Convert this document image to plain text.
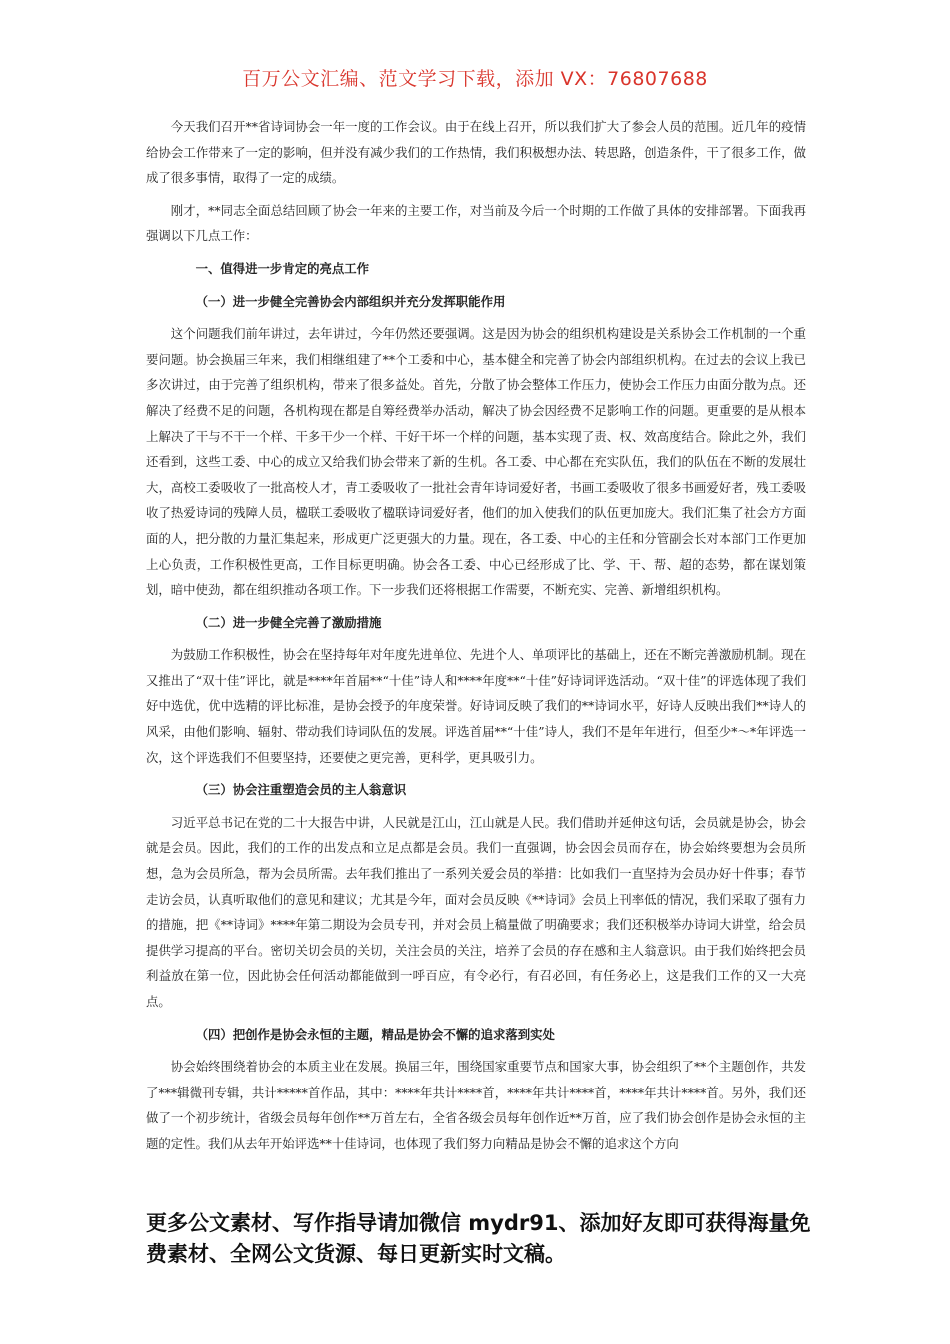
百万公文汇编、范文学习下载，添加 VX：76807688

今天我们召开**省诗词协会一年一度的工作会议。由于在线上召开，所以我们扩大了参会人员的范围。近几年的疫情给协会工作带来了一定的影响，但并没有减少我们的工作热情，我们积极想办法、转思路，创造条件，干了很多工作，做成了很多事情，取得了一定的成绩。

刚才，**同志全面总结回顾了协会一年来的主要工作，对当前及今后一个时期的工作做了具体的安排部署。下面我再强调以下几点工作：

一、值得进一步肯定的亮点工作
（一）进一步健全完善协会内部组织并充分发挥职能作用

这个问题我们前年讲过，去年讲过，今年仍然还要强调。这是因为协会的组织机构建设是关系协会工作机制的一个重要问题。协会换届三年来，我们相继组建了**个工委和中心，基本健全和完善了协会内部组织机构。在过去的会议上我已多次讲过，由于完善了组织机构，带来了很多益处。首先，分散了协会整体工作压力，使协会工作压力由面分散为点。还解决了经费不足的问题，各机构现在都是自筹经费举办活动，解决了协会因经费不足影响工作的问题。更重要的是从根本上解决了干与不干一个样、干多干少一个样、干好干坏一个样的问题，基本实现了责、权、效高度结合。除此之外，我们还看到，这些工委、中心的成立又给我们协会带来了新的生机。各工委、中心都在充实队伍，我们的队伍在不断的发展壮大，高校工委吸收了一批高校人才，青工委吸收了一批社会青年诗词爱好者，书画工委吸收了很多书画爱好者，残工委吸收了热爱诗词的残障人员，楹联工委吸收了楹联诗词爱好者，他们的加入使我们的队伍更加庞大。我们汇集了社会方方面面的人，把分散的力量汇集起来，形成更广泛更强大的力量。现在，各工委、中心的主任和分管副会长对本部门工作更加上心负责，工作积极性更高，工作目标更明确。协会各工委、中心已经形成了比、学、干、帮、超的态势，都在谋划策划，暗中使劲，都在组织推动各项工作。下一步我们还将根据工作需要，不断充实、完善、新增组织机构。

（二）进一步健全完善了激励措施

为鼓励工作积极性，协会在坚持每年对年度先进单位、先进个人、单项评比的基础上，还在不断完善激励机制。现在又推出了“双十佳”评比，就是****年首届**“十佳”诗人和****年度**“十佳”好诗词评选活动。“双十佳”的评选体现了我们好中选优，优中选精的评比标准，是协会授予的年度荣誉。好诗词反映了我们的**诗词水平，好诗人反映出我们**诗人的风采，由他们影响、辐射、带动我们诗词队伍的发展。评选首届**“十佳”诗人，我们不是年年进行，但至少*～*年评选一次，这个评选我们不但要坚持，还要使之更完善，更科学，更具吸引力。

（三）协会注重塑造会员的主人翁意识

习近平总书记在党的二十大报告中讲，人民就是江山，江山就是人民。我们借助并延伸这句话，会员就是协会，协会就是会员。因此，我们的工作的出发点和立足点都是会员。我们一直强调，协会因会员而存在，协会始终要想为会员所想，急为会员所急，帮为会员所需。去年我们推出了一系列关爱会员的举措：比如我们一直坚持为会员办好十件事；春节走访会员，认真听取他们的意见和建议；尤其是今年，面对会员反映《**诗词》会员上刊率低的情况，我们采取了强有力的措施，把《**诗词》****年第二期设为会员专刊，并对会员上稿量做了明确要求；我们还积极举办诗词大讲堂，给会员提供学习提高的平台。密切关切会员的关切，关注会员的关注，培养了会员的存在感和主人翁意识。由于我们始终把会员利益放在第一位，因此协会任何活动都能做到一呼百应，有令必行，有召必回，有任务必上，这是我们工作的又一大亮点。

（四）把创作是协会永恒的主题，精品是协会不懈的追求落到实处

协会始终围绕着协会的本质主业在发展。换届三年，围绕国家重要节点和国家大事，协会组织了**个主题创作，共发了***辑微刊专辑，共计*****首作品，其中：****年共计****首，****年共计****首，****年共计****首。另外，我们还做了一个初步统计，省级会员每年创作**万首左右，全省各级会员每年创作近**万首，应了我们协会创作是协会永恒的主题的定性。我们从去年开始评选**十佳诗词，也体现了我们努力向精品是协会不懈的追求这个方向

更多公文素材、写作指导请加微信 mydr91、添加好友即可获得海量免费素材、全网公文货源、每日更新实时文稿。
